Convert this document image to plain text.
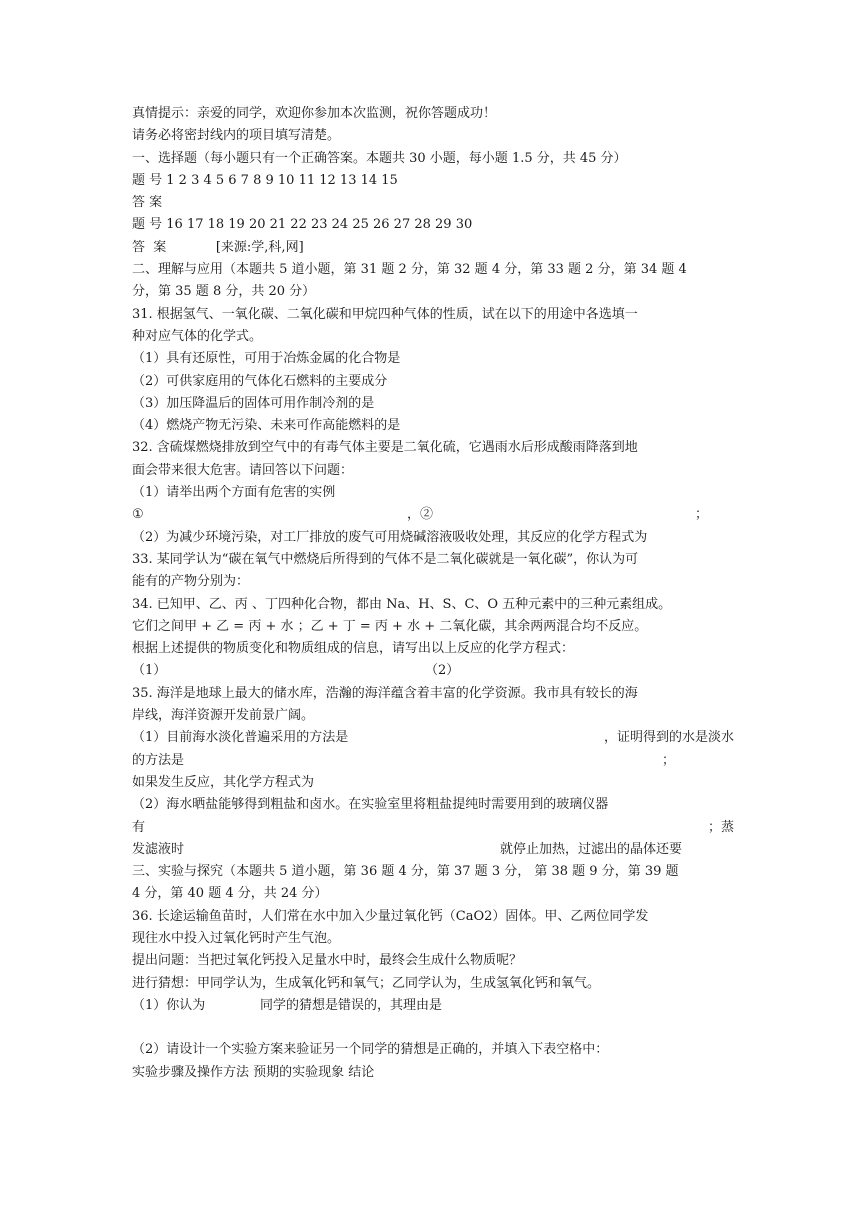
真情提示：亲爱的同学，欢迎你参加本次监测，祝你答题成功！
请务必将密封线内的项目填写清楚。
一、选择题（每小题只有一个正确答案。本题共 30 小题，每小题 1.5 分，共 45 分）
题 号 1 2 3 4 5 6 7 8 9 10 11 12 13 14 15
答 案
题 号 16 17 18 19 20 21 22 23 24 25 26 27 28 29 30
答  案            [来源:学,科,网]
二、理解与应用（本题共 5 道小题，第 31 题 2 分，第 32 题 4 分，第 33 题 2 分，第 34 题 4
分，第 35 题 8 分，共 20 分）
31. 根据氢气、一氧化碳、二氧化碳和甲烷四种气体的性质，试在以下的用途中各选填一
种对应气体的化学式。
（1）具有还原性，可用于冶炼金属的化合物是
（2）可供家庭用的气体化石燃料的主要成分
（3）加压降温后的固体可用作制冷剂的是
（4）燃烧产物无污染、未来可作高能燃料的是
32. 含硫煤燃烧排放到空气中的有毒气体主要是二氧化硫，它遇雨水后形成酸雨降落到地
面会带来很大危害。请回答以下问题：
（1）请举出两个方面有危害的实例
①	，②	；
（2）为减少环境污染，对工厂排放的废气可用烧碱溶液吸收处理，其反应的化学方程式为
33. 某同学认为“碳在氧气中燃烧后所得到的气体不是二氧化碳就是一氧化碳”，你认为可
能有的产物分别为：
34. 已知甲、乙、丙 、丁四种化合物，都由 Na、H、S、C、O 五种元素中的三种元素组成。
它们之间甲 + 乙 = 丙 + 水 ；乙 + 丁 = 丙 + 水 + 二氧化碳，其余两两混合均不反应。
根据上述提供的物质变化和物质组成的信息，请写出以上反应的化学方程式：
（1）	（2）
35. 海洋是地球上最大的储水库，浩瀚的海洋蕴含着丰富的化学资源。我市具有较长的海
岸线，海洋资源开发前景广阔。
（1）目前海水淡化普遍采用的方法是	，证明得到的水是淡水
的方法是	；
如果发生反应，其化学方程式为
（2）海水晒盐能够得到粗盐和卤水。在实验室里将粗盐提纯时需要用到的玻璃仪器
有	；蒸
发滤液时	就停止加热，过滤出的晶体还要
三、实验与探究（本题共 5 道小题，第 36 题 4 分，第 37 题 3 分， 第 38 题 9 分，第 39 题
4 分，第 40 题 4 分，共 24 分）
36. 长途运输鱼苗时，人们常在水中加入少量过氧化钙（CaO2）固体。甲、乙两位同学发
现往水中投入过氧化钙时产生气泡。
提出问题：当把过氧化钙投入足量水中时，最终会生成什么物质呢？
进行猜想：甲同学认为，生成氧化钙和氧气；乙同学认为，生成氢氧化钙和氧气。
（1）你认为	同学的猜想是错误的，其理由是
（2）请设计一个实验方案来验证另一个同学的猜想是正确的，并填入下表空格中：
实验步骤及操作方法 预期的实验现象 结论
